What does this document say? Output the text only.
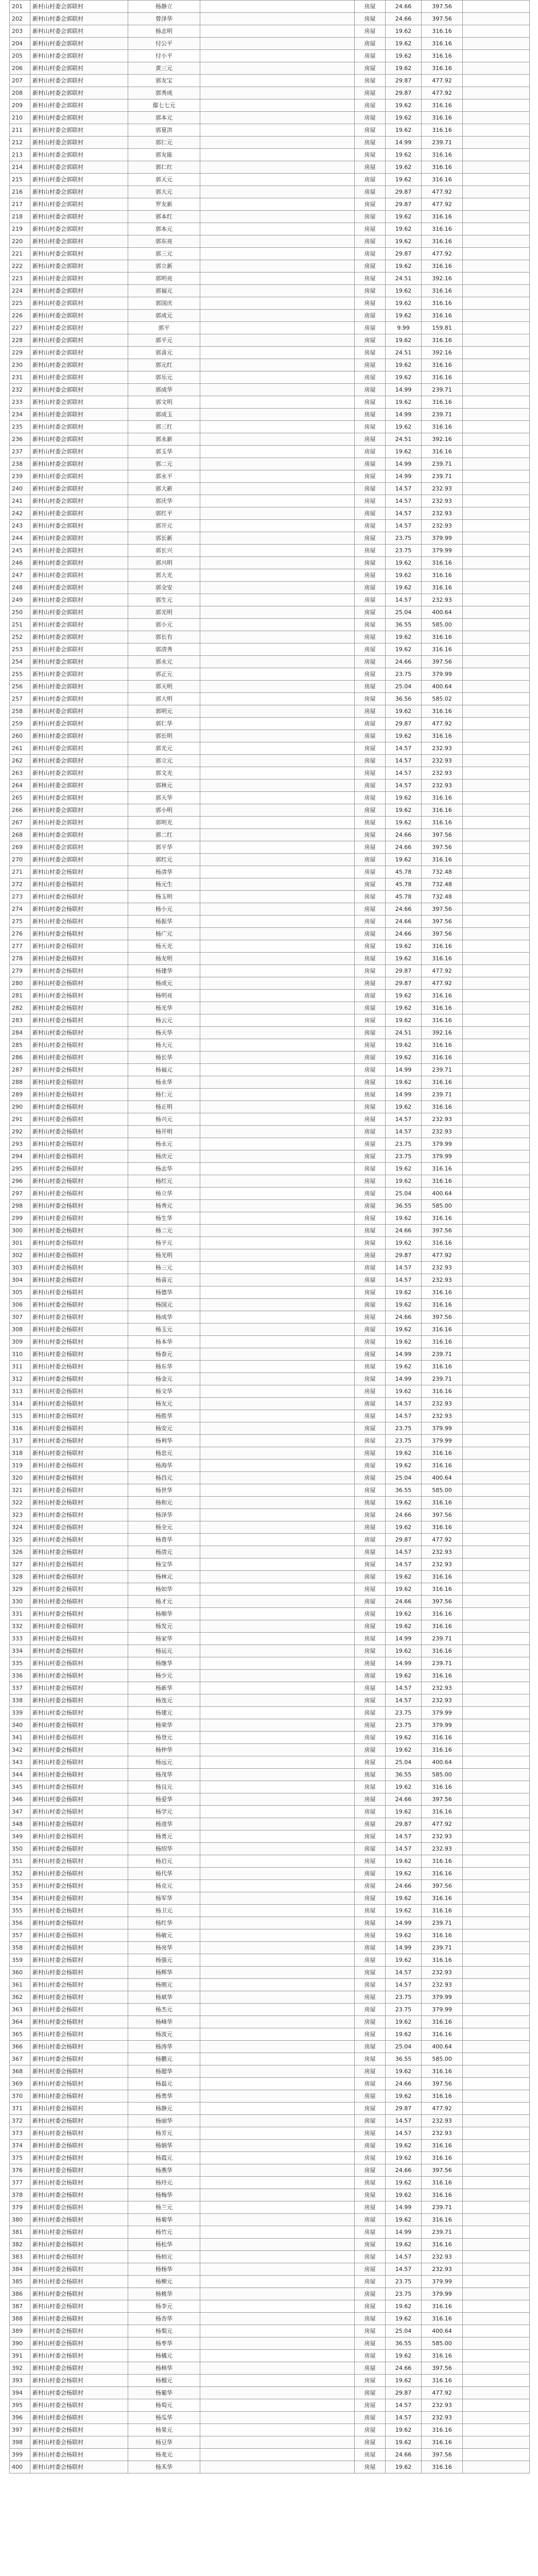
201	新村山村委会郭联村	杨静立		房屋	24.66	397.56	
202	新村山村委会郭联村	曾泽华		房屋	24.66	397.56	
203	新村山村委会郭联村	杨志明		房屋	19.62	316.16	
204	新村山村委会郭联村	付公平		房屋	19.62	316.16	
205	新村山村委会郭联村	付小平		房屋	19.62	316.16	
206	新村山村委会郭联村	黄三元		房屋	19.62	316.16	
207	新村山村委会郭联村	郭友宝		房屋	29.87	477.92	
208	新村山村委会郭联村	郭秀成		房屋	29.87	477.92	
209	新村山村委会郭联村	鄢七七元		房屋	19.62	316.16	
210	新村山村委会郭联村	郭本元		房屋	19.62	316.16	
211	新村山村委会郭联村	郭夏洪		房屋	19.62	316.16	
212	新村山村委会郭联村	郭仁元		房屋	14.99	239.71	
213	新村山村委会郭联村	郭友能		房屋	19.62	316.16	
214	新村山村委会郭联村	郭仁红		房屋	19.62	316.16	
215	新村山村委会郭联村	郭天元		房屋	19.62	316.16	
216	新村山村委会郭联村	郭大元		房屋	29.87	477.92	
217	新村山村委会郭联村	罗友新		房屋	29.87	477.92	
218	新村山村委会郭联村	郭本红		房屋	19.62	316.16	
219	新村山村委会郭联村	郭本元		房屋	19.62	316.16	
220	新村山村委会郭联村	郭东亮		房屋	19.62	316.16	
221	新村山村委会郭联村	郭三元		房屋	29.87	477.92	
222	新村山村委会郭联村	郭立新		房屋	19.62	316.16	
223	新村山村委会郭联村	郭明亮		房屋	24.51	392.16	
224	新村山村委会郭联村	郭福元		房屋	19.62	316.16	
225	新村山村委会郭联村	郭国庆		房屋	19.62	316.16	
226	新村山村委会郭联村	郭成元		房屋	19.62	316.16	
227	新村山村委会郭联村	郭平		房屋	9.99	159.81	
228	新村山村委会郭联村	郭平元		房屋	19.62	316.16	
229	新村山村委会郭联村	郭喜元		房屋	24.51	392.16	
230	新村山村委会郭联村	郭元红		房屋	19.62	316.16	
231	新村山村委会郭联村	郭乐元		房屋	19.62	316.16	
232	新村山村委会郭联村	郭成华		房屋	14.99	239.71	
233	新村山村委会郭联村	郭文明		房屋	19.62	316.16	
234	新村山村委会郭联村	郭成玉		房屋	14.99	239.71	
235	新村山村委会郭联村	郭三红		房屋	19.62	316.16	
236	新村山村委会郭联村	郭永新		房屋	24.51	392.16	
237	新村山村委会郭联村	郭玉华		房屋	19.62	316.16	
238	新村山村委会郭联村	郭二元		房屋	14.99	239.71	
239	新村山村委会郭联村	郭永平		房屋	14.99	239.71	
240	新村山村委会郭联村	郭大新		房屋	14.57	232.93	
241	新村山村委会郭联村	郭庆华		房屋	14.57	232.93	
242	新村山村委会郭联村	郭红平		房屋	14.57	232.93	
243	新村山村委会郭联村	郭开元		房屋	14.57	232.93	
244	新村山村委会郭联村	郭长新		房屋	23.75	379.99	
245	新村山村委会郭联村	郭长兴		房屋	23.75	379.99	
246	新村山村委会郭联村	郭兴明		房屋	19.62	316.16	
247	新村山村委会郭联村	郭大光		房屋	19.62	316.16	
248	新村山村委会郭联村	郭全安		房屋	19.62	316.16	
249	新村山村委会郭联村	郭生元		房屋	14.57	232.93	
250	新村山村委会郭联村	郭光明		房屋	25.04	400.64	
251	新村山村委会郭联村	郭小元		房屋	36.55	585.00	
252	新村山村委会郭联村	郭长有		房屋	19.62	316.16	
253	新村山村委会郭联村	郭清秀		房屋	19.62	316.16	
254	新村山村委会郭联村	郭永元		房屋	24.66	397.56	
255	新村山村委会郭联村	郭正元		房屋	23.75	379.99	
256	新村山村委会郭联村	郭天明		房屋	25.04	400.64	
257	新村山村委会郭联村	郭大明		房屋	36.56	585.02	
258	新村山村委会郭联村	郭明元		房屋	19.62	316.16	
259	新村山村委会郭联村	郭仁华		房屋	29.87	477.92	
260	新村山村委会郭联村	郭长明		房屋	19.62	316.16	
261	新村山村委会郭联村	郭光元		房屋	14.57	232.93	
262	新村山村委会郭联村	郭立元		房屋	14.57	232.93	
263	新村山村委会郭联村	郭文光		房屋	14.57	232.93	
264	新村山村委会郭联村	郭林元		房屋	14.57	232.93	
265	新村山村委会郭联村	郭天华		房屋	19.62	316.16	
266	新村山村委会郭联村	郭小明		房屋	19.62	316.16	
267	新村山村委会郭联村	郭明光		房屋	19.62	316.16	
268	新村山村委会郭联村	郭二红		房屋	24.66	397.56	
269	新村山村委会郭联村	郭平华		房屋	24.66	397.56	
270	新村山村委会郭联村	郭红元		房屋	19.62	316.16	
271	新村山村委会杨联村	杨清华		房屋	45.78	732.48	
272	新村山村委会杨联村	杨元生		房屋	45.78	732.48	
273	新村山村委会杨联村	杨玉明		房屋	45.78	732.48	
274	新村山村委会杨联村	杨小元		房屋	24.66	397.56	
275	新村山村委会杨联村	杨振华		房屋	24.66	397.56	
276	新村山村委会杨联村	杨广元		房屋	24.66	397.56	
277	新村山村委会杨联村	杨天光		房屋	19.62	316.16	
278	新村山村委会杨联村	杨友明		房屋	19.62	316.16	
279	新村山村委会杨联村	杨建华		房屋	29.87	477.92	
280	新村山村委会杨联村	杨成元		房屋	29.87	477.92	
281	新村山村委会杨联村	杨明亮		房屋	19.62	316.16	
282	新村山村委会杨联村	杨光华		房屋	19.62	316.16	
283	新村山村委会杨联村	杨云元		房屋	19.62	316.16	
284	新村山村委会杨联村	杨天华		房屋	24.51	392.16	
285	新村山村委会杨联村	杨大元		房屋	19.62	316.16	
286	新村山村委会杨联村	杨长华		房屋	19.62	316.16	
287	新村山村委会杨联村	杨福元		房屋	14.99	239.71	
288	新村山村委会杨联村	杨永华		房屋	19.62	316.16	
289	新村山村委会杨联村	杨仁元		房屋	14.99	239.71	
290	新村山村委会杨联村	杨正明		房屋	19.62	316.16	
291	新村山村委会杨联村	杨兴元		房屋	14.57	232.93	
292	新村山村委会杨联村	杨开明		房屋	14.57	232.93	
293	新村山村委会杨联村	杨永元		房屋	23.75	379.99	
294	新村山村委会杨联村	杨庆元		房屋	23.75	379.99	
295	新村山村委会杨联村	杨志华		房屋	19.62	316.16	
296	新村山村委会杨联村	杨红元		房屋	19.62	316.16	
297	新村山村委会杨联村	杨立华		房屋	25.04	400.64	
298	新村山村委会杨联村	杨秀元		房屋	36.55	585.00	
299	新村山村委会杨联村	杨生华		房屋	19.62	316.16	
300	新村山村委会杨联村	杨二元		房屋	24.66	397.56	
301	新村山村委会杨联村	杨平元		房屋	19.62	316.16	
302	新村山村委会杨联村	杨光明		房屋	29.87	477.92	
303	新村山村委会杨联村	杨三元		房屋	14.57	232.93	
304	新村山村委会杨联村	杨喜元		房屋	14.57	232.93	
305	新村山村委会杨联村	杨德华		房屋	19.62	316.16	
306	新村山村委会杨联村	杨国元		房屋	19.62	316.16	
307	新村山村委会杨联村	杨成华		房屋	24.66	397.56	
308	新村山村委会杨联村	杨玉元		房屋	19.62	316.16	
309	新村山村委会杨联村	杨本华		房屋	19.62	316.16	
310	新村山村委会杨联村	杨春元		房屋	14.99	239.71	
311	新村山村委会杨联村	杨东华		房屋	19.62	316.16	
312	新村山村委会杨联村	杨金元		房屋	14.99	239.71	
313	新村山村委会杨联村	杨文华		房屋	19.62	316.16	
314	新村山村委会杨联村	杨友元		房屋	14.57	232.93	
315	新村山村委会杨联村	杨胜华		房屋	14.57	232.93	
316	新村山村委会杨联村	杨安元		房屋	23.75	379.99	
317	新村山村委会杨联村	杨利华		房屋	23.75	379.99	
318	新村山村委会杨联村	杨忠元		房屋	19.62	316.16	
319	新村山村委会杨联村	杨海华		房屋	19.62	316.16	
320	新村山村委会杨联村	杨昌元		房屋	25.04	400.64	
321	新村山村委会杨联村	杨世华		房屋	36.55	585.00	
322	新村山村委会杨联村	杨和元		房屋	19.62	316.16	
323	新村山村委会杨联村	杨泽华		房屋	24.66	397.56	
324	新村山村委会杨联村	杨全元		房屋	19.62	316.16	
325	新村山村委会杨联村	杨贵华		房屋	29.87	477.92	
326	新村山村委会杨联村	杨清元		房屋	14.57	232.93	
327	新村山村委会杨联村	杨宝华		房屋	14.57	232.93	
328	新村山村委会杨联村	杨林元		房屋	19.62	316.16	
329	新村山村委会杨联村	杨如华		房屋	19.62	316.16	
330	新村山村委会杨联村	杨才元		房屋	24.66	397.56	
331	新村山村委会杨联村	杨顺华		房屋	19.62	316.16	
332	新村山村委会杨联村	杨发元		房屋	19.62	316.16	
333	新村山村委会杨联村	杨家华		房屋	14.99	239.71	
334	新村山村委会杨联村	杨运元		房屋	19.62	316.16	
335	新村山村委会杨联村	杨继华		房屋	14.99	239.71	
336	新村山村委会杨联村	杨少元		房屋	19.62	316.16	
337	新村山村委会杨联村	杨新华		房屋	14.57	232.93	
338	新村山村委会杨联村	杨连元		房屋	14.57	232.93	
339	新村山村委会杨联村	杨建元		房屋	23.75	379.99	
340	新村山村委会杨联村	杨荣华		房屋	23.75	379.99	
341	新村山村委会杨联村	杨登元		房屋	19.62	316.16	
342	新村山村委会杨联村	杨仲华		房屋	19.62	316.16	
343	新村山村委会杨联村	杨远元		房屋	25.04	400.64	
344	新村山村委会杨联村	杨茂华		房屋	36.55	585.00	
345	新村山村委会杨联村	杨良元		房屋	19.62	316.16	
346	新村山村委会杨联村	杨爱华		房屋	24.66	397.56	
347	新村山村委会杨联村	杨学元		房屋	19.62	316.16	
348	新村山村委会杨联村	杨进华		房屋	29.87	477.92	
349	新村山村委会杨联村	杨勇元		房屋	14.57	232.93	
350	新村山村委会杨联村	杨绍华		房屋	14.57	232.93	
351	新村山村委会杨联村	杨启元		房屋	19.62	316.16	
352	新村山村委会杨联村	杨代华		房屋	19.62	316.16	
353	新村山村委会杨联村	杨克元		房屋	24.66	397.56	
354	新村山村委会杨联村	杨军华		房屋	19.62	316.16	
355	新村山村委会杨联村	杨卫元		房屋	19.62	316.16	
356	新村山村委会杨联村	杨红华		房屋	14.99	239.71	
357	新村山村委会杨联村	杨敏元		房屋	19.62	316.16	
358	新村山村委会杨联村	杨亮华		房屋	14.99	239.71	
359	新村山村委会杨联村	杨强元		房屋	19.62	316.16	
360	新村山村委会杨联村	杨辉华		房屋	14.57	232.93	
361	新村山村委会杨联村	杨刚元		房屋	14.57	232.93	
362	新村山村委会杨联村	杨斌华		房屋	23.75	379.99	
363	新村山村委会杨联村	杨杰元		房屋	23.75	379.99	
364	新村山村委会杨联村	杨峰华		房屋	19.62	316.16	
365	新村山村委会杨联村	杨波元		房屋	19.62	316.16	
366	新村山村委会杨联村	杨涛华		房屋	25.04	400.64	
367	新村山村委会杨联村	杨鹏元		房屋	36.55	585.00	
368	新村山村委会杨联村	杨超华		房屋	19.62	316.16	
369	新村山村委会杨联村	杨磊元		房屋	24.66	397.56	
370	新村山村委会杨联村	杨勇华		房屋	19.62	316.16	
371	新村山村委会杨联村	杨静元		房屋	29.87	477.92	
372	新村山村委会杨联村	杨丽华		房屋	14.57	232.93	
373	新村山村委会杨联村	杨芳元		房屋	14.57	232.93	
374	新村山村委会杨联村	杨娟华		房屋	19.62	316.16	
375	新村山村委会杨联村	杨霞元		房屋	19.62	316.16	
376	新村山村委会杨联村	杨燕华		房屋	24.66	397.56	
377	新村山村委会杨联村	杨玲元		房屋	19.62	316.16	
378	新村山村委会杨联村	杨梅华		房屋	19.62	316.16	
379	新村山村委会杨联村	杨兰元		房屋	14.99	239.71	
380	新村山村委会杨联村	杨菊华		房屋	19.62	316.16	
381	新村山村委会杨联村	杨竹元		房屋	14.99	239.71	
382	新村山村委会杨联村	杨松华		房屋	19.62	316.16	
383	新村山村委会杨联村	杨柏元		房屋	14.57	232.93	
384	新村山村委会杨联村	杨杨华		房屋	14.57	232.93	
385	新村山村委会杨联村	杨柳元		房屋	23.75	379.99	
386	新村山村委会杨联村	杨桃华		房屋	23.75	379.99	
387	新村山村委会杨联村	杨李元		房屋	19.62	316.16	
388	新村山村委会杨联村	杨杏华		房屋	19.62	316.16	
389	新村山村委会杨联村	杨梨元		房屋	25.04	400.64	
390	新村山村委会杨联村	杨枣华		房屋	36.55	585.00	
391	新村山村委会杨联村	杨橘元		房屋	19.62	316.16	
392	新村山村委会杨联村	杨柿华		房屋	24.66	397.56	
393	新村山村委会杨联村	杨榴元		房屋	19.62	316.16	
394	新村山村委会杨联村	杨葡华		房屋	29.87	477.92	
395	新村山村委会杨联村	杨萄元		房屋	14.57	232.93	
396	新村山村委会杨联村	杨瓜华		房屋	14.57	232.93	
397	新村山村委会杨联村	杨果元		房屋	19.62	316.16	
398	新村山村委会杨联村	杨豆华		房屋	19.62	316.16	
399	新村山村委会杨联村	杨麦元		房屋	24.66	397.56	
400	新村山村委会杨联村	杨禾华		房屋	19.62	316.16	
